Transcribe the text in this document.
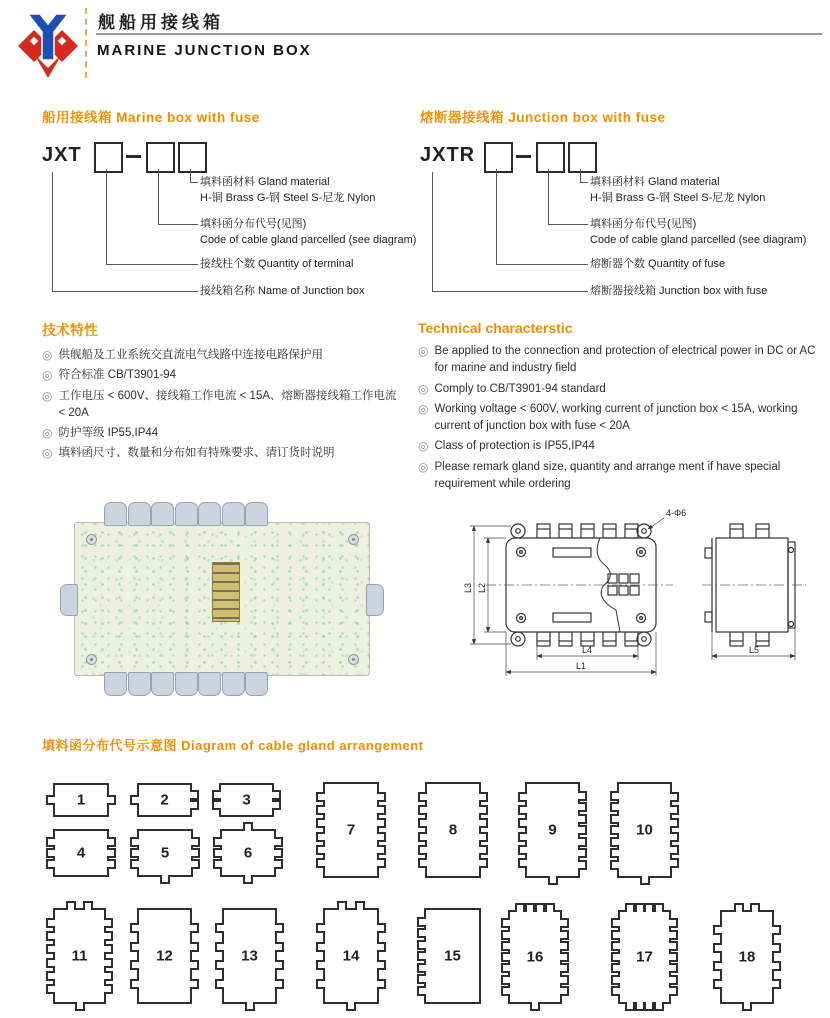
舰船用接线箱
MARINE JUNCTION BOX
船用接线箱 Marine box with fuse	熔断器接线箱 Junction box with fuse
JXT
填料函材料 Gland material
H-铜 Brass G-钢 Steel S-尼龙 Nylon
填料函分布代号(见图)
Code of cable gland parcelled (see diagram)
接线柱个数 Quantity of terminal
接线箱名称 Name of Junction box
JXTR
填料函材料 Gland material
H-铜 Brass G-钢 Steel S-尼龙 Nylon
填料函分布代号(见图)
Code of cable gland parcelled (see diagram)
熔断器个数 Quantity of fuse
熔断器接线箱 Junction box with fuse
技术特性
◎ 供舰船及工业系统交直流电气线路中连接电路保护用
◎ 符合标准 CB/T3901-94
◎ 工作电压 < 600V、接线箱工作电流 < 15A、熔断器接线箱工作电流 < 20A
◎ 防护等级 IP55,IP44
◎ 填料函尺寸、数量和分布如有特殊要求、请订货时说明
Technical characterstic
◎ Be applied to the connection and protection of electrical power in DC or AC for marine and industry field
◎ Comply to CB/T3901-94 standard
◎ Working voltage < 600V, working current of junction box < 15A, working current of junction box with fuse < 20A
◎ Class of protection is IP55,IP44
◎ Please remark gland size, quantity and arrange ment if have special requirement while ordering
L3 L2
L4
L1
4-Φ6
L5
填料函分布代号示意图 Diagram of cable gland arrangement
1	2	3
4	5	6
7	8	9	10
11	12	13	14	15	16	17	18
